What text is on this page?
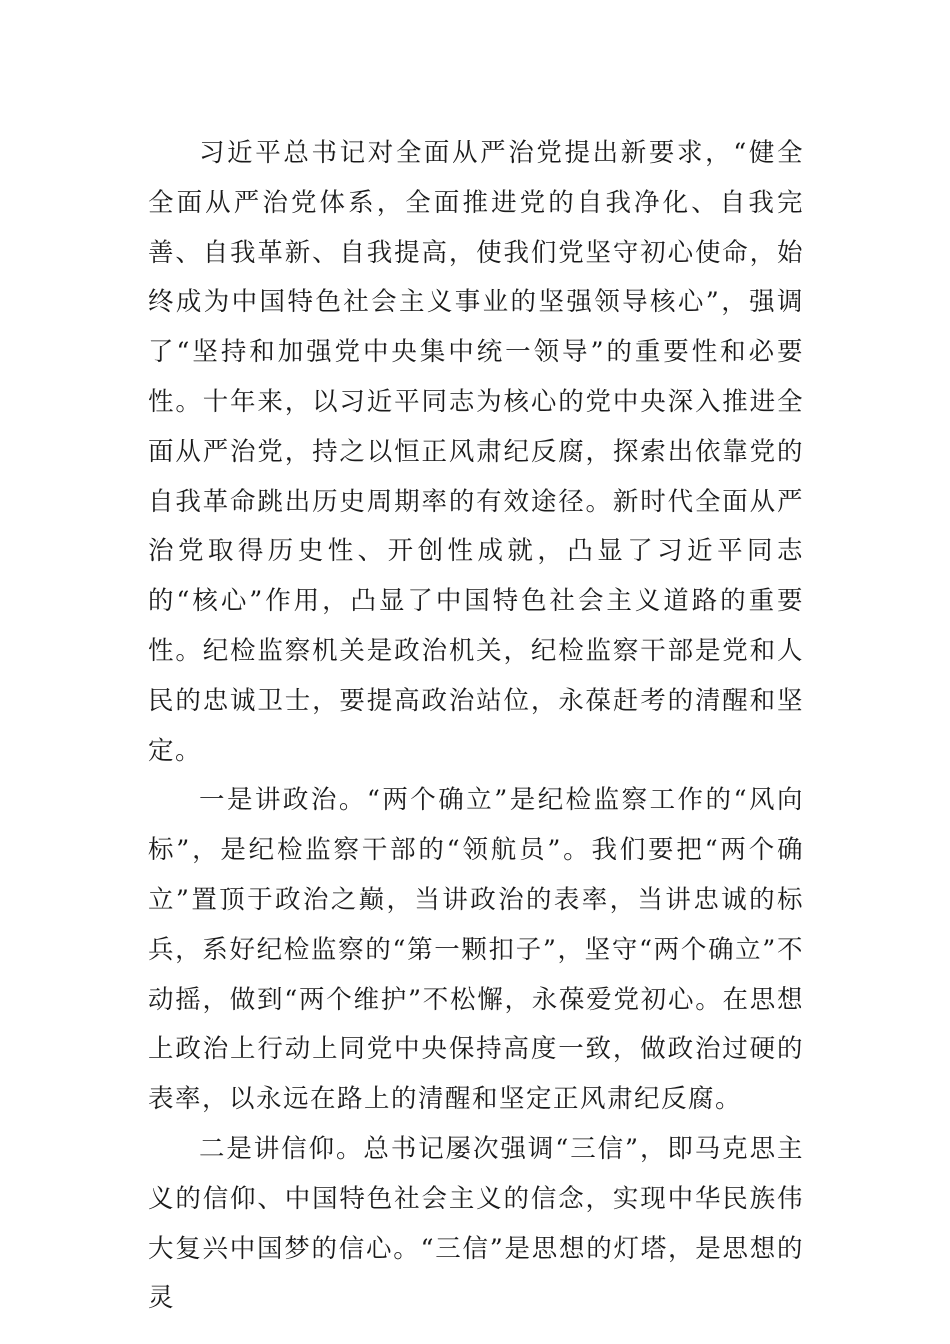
习近平总书记对全面从严治党提出新要求，“健全全面从严治党体系，全面推进党的自我净化、自我完善、自我革新、自我提高，使我们党坚守初心使命，始终成为中国特色社会主义事业的坚强领导核心”，强调了“坚持和加强党中央集中统一领导”的重要性和必要性。十年来，以习近平同志为核心的党中央深入推进全面从严治党，持之以恒正风肃纪反腐，探索出依靠党的自我革命跳出历史周期率的有效途径。新时代全面从严治党取得历史性、开创性成就，凸显了习近平同志的“核心”作用，凸显了中国特色社会主义道路的重要性。纪检监察机关是政治机关，纪检监察干部是党和人民的忠诚卫士，要提高政治站位，永葆赶考的清醒和坚定。

一是讲政治。“两个确立”是纪检监察工作的“风向标”，是纪检监察干部的“领航员”。我们要把“两个确立”置顶于政治之巅，当讲政治的表率，当讲忠诚的标兵，系好纪检监察的“第一颗扣子”，坚守“两个确立”不动摇，做到“两个维护”不松懈，永葆爱党初心。在思想上政治上行动上同党中央保持高度一致，做政治过硬的表率，以永远在路上的清醒和坚定正风肃纪反腐。

二是讲信仰。总书记屡次强调“三信”，即马克思主义的信仰、中国特色社会主义的信念，实现中华民族伟大复兴中国梦的信心。“三信”是思想的灯塔，是思想的灵
